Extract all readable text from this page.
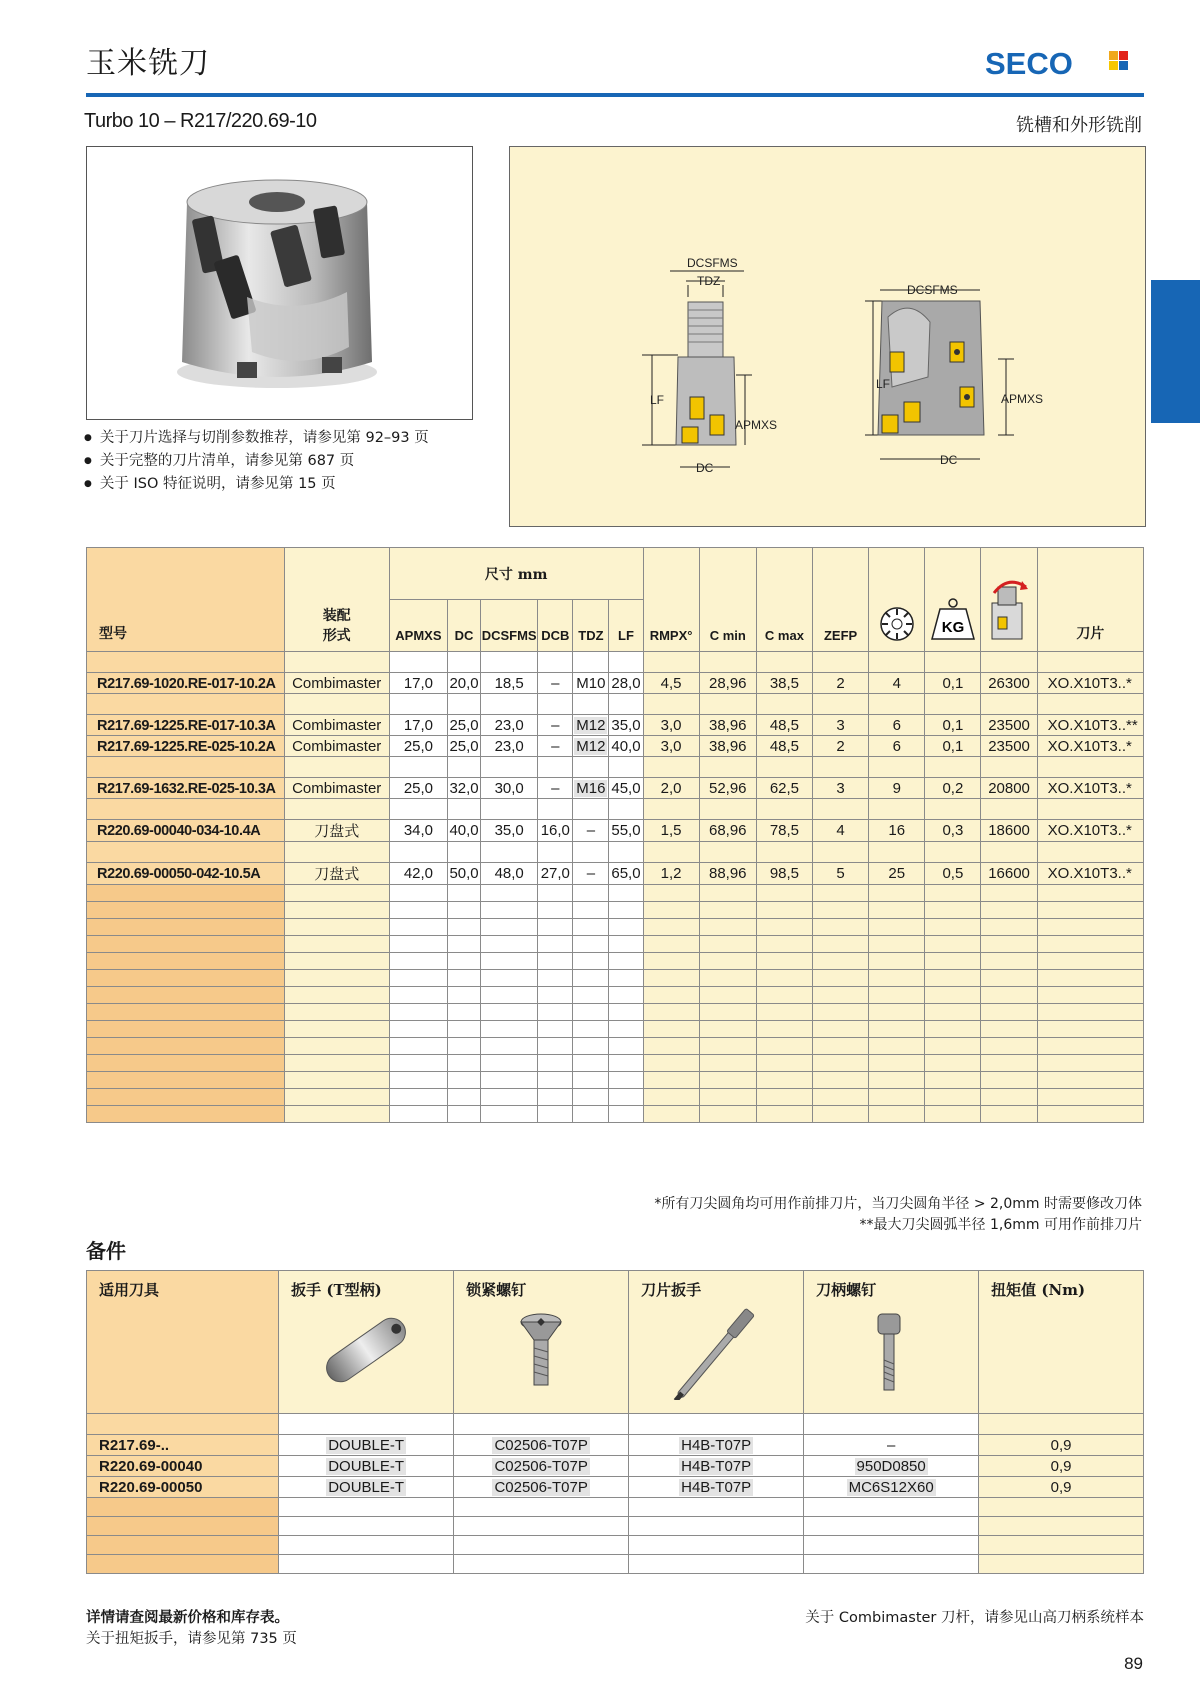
玉米铣刀	SECO
Turbo 10 – R217/220.69-10	铣槽和外形铣削
● 关于刀片选择与切削参数推荐，请参见第 92–93 页
● 关于完整的刀片清单，请参见第 687 页
● 关于 ISO 特征说明，请参见第 15 页
DCSFMS
TDZ
LF
APMXS
DC
DCSFMS
LF
APMXS
DC
型号	装配
形式	尺寸 mm						RMPX°	C min	C max	ZEFP		KG		刀片
		APMXS	DC	DCSFMS	DCB	TDZ	LF								

R217.69-1020.RE-017-10.2A	Combimaster	17,0	20,0	18,5	–	M10	28,0	4,5	28,96	38,5	2	4	0,1	26300	XO.X10T3..*

R217.69-1225.RE-017-10.3A	Combimaster	17,0	25,0	23,0	–	M12	35,0	3,0	38,96	48,5	3	6	0,1	23500	XO.X10T3..**
R217.69-1225.RE-025-10.2A	Combimaster	25,0	25,0	23,0	–	M12	40,0	3,0	38,96	48,5	2	6	0,1	23500	XO.X10T3..*

R217.69-1632.RE-025-10.3A	Combimaster	25,0	32,0	30,0	–	M16	45,0	2,0	52,96	62,5	3	9	0,2	20800	XO.X10T3..*

R220.69-00040-034-10.4A	刀盘式	34,0	40,0	35,0	16,0	–	55,0	1,5	68,96	78,5	4	16	0,3	18600	XO.X10T3..*

R220.69-00050-042-10.5A	刀盘式	42,0	50,0	48,0	27,0	–	65,0	1,2	88,96	98,5	5	25	0,5	16600	XO.X10T3..*

*所有刀尖圆角均可用作前排刀片，当刀尖圆角半径 > 2,0mm 时需要修改刀体
**最大刀尖圆弧半径 1,6mm 可用作前排刀片
备件
适用刀具	扳手 (T型柄)	锁紧螺钉	刀片扳手	刀柄螺钉	扭矩值 (Nm)

R217.69-..	DOUBLE-T	C02506-T07P	H4B-T07P	–	0,9
R220.69-00040	DOUBLE-T	C02506-T07P	H4B-T07P	950D0850	0,9
R220.69-00050	DOUBLE-T	C02506-T07P	H4B-T07P	MC6S12X60	0,9

详情请查阅最新价格和库存表。
关于扭矩扳手，请参见第 735 页
关于 Combimaster 刀杆，请参见山高刀柄系统样本
89
